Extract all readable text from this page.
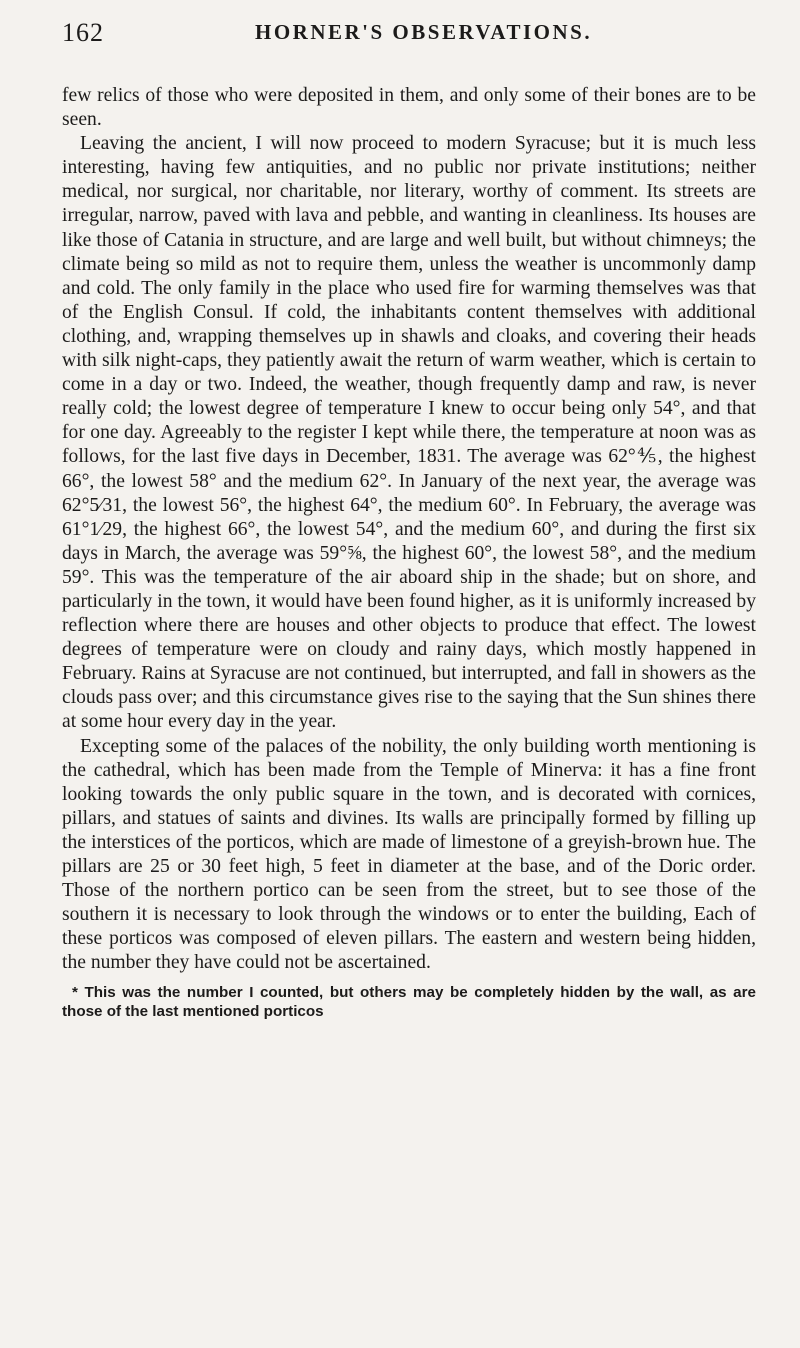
162	HORNER'S OBSERVATIONS.

few relics of those who were deposited in them, and only some of their bones are to be seen.

Leaving the ancient, I will now proceed to modern Syracuse; but it is much less interesting, having few antiquities, and no public nor private institutions; neither medical, nor surgical, nor charitable, nor literary, worthy of comment. Its streets are irregular, narrow, paved with lava and pebble, and wanting in cleanliness. Its houses are like those of Catania in structure, and are large and well built, but without chimneys; the climate being so mild as not to require them, unless the weather is uncommonly damp and cold. The only family in the place who used fire for warming themselves was that of the English Consul. If cold, the inhabitants content themselves with additional clothing, and, wrapping themselves up in shawls and cloaks, and covering their heads with silk night-caps, they patiently await the return of warm weather, which is certain to come in a day or two. Indeed, the weather, though frequently damp and raw, is never really cold; the lowest degree of temperature I knew to occur being only 54°, and that for one day. Agreeably to the register I kept while there, the temperature at noon was as follows, for the last five days in December, 1831. The average was 62°⅘, the highest 66°, the lowest 58° and the medium 62°. In January of the next year, the average was 62°5⁄31, the lowest 56°, the highest 64°, the medium 60°. In February, the average was 61°1⁄29, the highest 66°, the lowest 54°, and the medium 60°, and during the first six days in March, the average was 59°⅝, the highest 60°, the lowest 58°, and the medium 59°. This was the temperature of the air aboard ship in the shade; but on shore, and particularly in the town, it would have been found higher, as it is uniformly increased by reflection where there are houses and other objects to produce that effect. The lowest degrees of temperature were on cloudy and rainy days, which mostly happened in February. Rains at Syracuse are not continued, but interrupted, and fall in showers as the clouds pass over; and this circumstance gives rise to the saying that the Sun shines there at some hour every day in the year.

Excepting some of the palaces of the nobility, the only building worth mentioning is the cathedral, which has been made from the Temple of Minerva: it has a fine front looking towards the only public square in the town, and is decorated with cornices, pillars, and statues of saints and divines. Its walls are principally formed by filling up the interstices of the porticos, which are made of limestone of a greyish-brown hue. The pillars are 25 or 30 feet high, 5 feet in diameter at the base, and of the Doric order. Those of the northern portico can be seen from the street, but to see those of the southern it is necessary to look through the windows or to enter the building, Each of these porticos was composed of eleven pillars. The eastern and western being hidden, the number they have could not be ascertained.

* This was the number I counted, but others may be completely hidden by the wall, as are those of the last mentioned porticos
